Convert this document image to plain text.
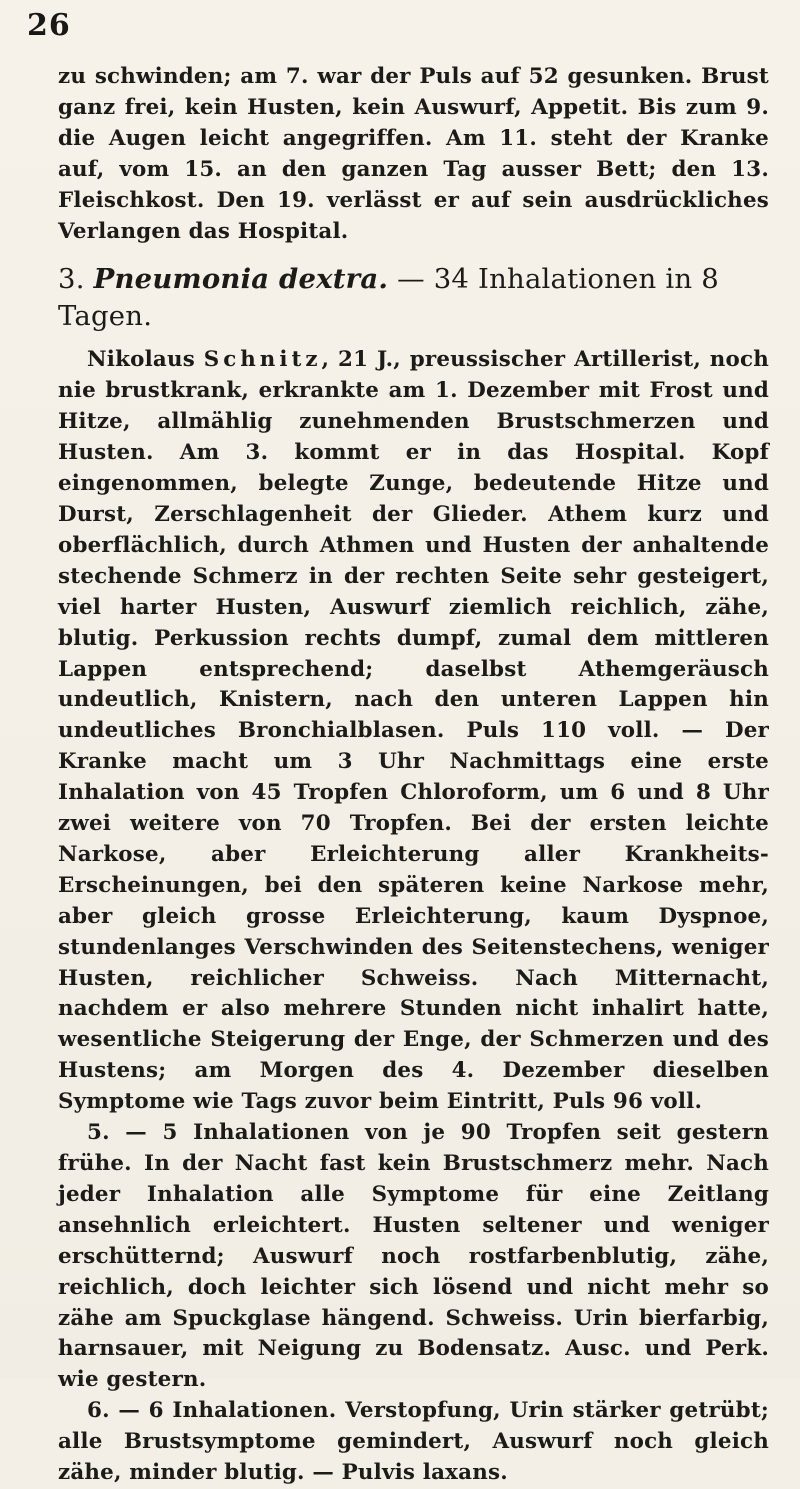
26

zu schwinden; am 7. war der Puls auf 52 gesunken. Brust ganz frei, kein Husten, kein Auswurf, Appetit. Bis zum 9. die Augen leicht angegriffen. Am 11. steht der Kranke auf, vom 15. an den ganzen Tag ausser Bett; den 13. Fleischkost. Den 19. verlässt er auf sein ausdrückliches Verlangen das Hospital.

3. Pneumonia dextra. — 34 Inhalationen in 8 Tagen.

Nikolaus Schnitz, 21 J., preussischer Artillerist, noch nie brustkrank, erkrankte am 1. Dezember mit Frost und Hitze, allmählig zunehmenden Brustschmerzen und Husten. Am 3. kommt er in das Hospital. Kopf eingenommen, belegte Zunge, bedeutende Hitze und Durst, Zerschlagenheit der Glieder. Athem kurz und oberflächlich, durch Athmen und Husten der anhaltende stechende Schmerz in der rechten Seite sehr gesteigert, viel harter Husten, Auswurf ziemlich reichlich, zähe, blutig. Perkussion rechts dumpf, zumal dem mittleren Lappen entsprechend; daselbst Athemgeräusch undeutlich, Knistern, nach den unteren Lappen hin undeutliches Bronchialblasen. Puls 110 voll. — Der Kranke macht um 3 Uhr Nachmittags eine erste Inhalation von 45 Tropfen Chloroform, um 6 und 8 Uhr zwei weitere von 70 Tropfen. Bei der ersten leichte Narkose, aber Erleichterung aller Krankheits-Erscheinungen, bei den späteren keine Narkose mehr, aber gleich grosse Erleichterung, kaum Dyspnoe, stundenlanges Verschwinden des Seitenstechens, weniger Husten, reichlicher Schweiss. Nach Mitternacht, nachdem er also mehrere Stunden nicht inhalirt hatte, wesentliche Steigerung der Enge, der Schmerzen und des Hustens; am Morgen des 4. Dezember dieselben Symptome wie Tags zuvor beim Eintritt, Puls 96 voll.

5. — 5 Inhalationen von je 90 Tropfen seit gestern frühe. In der Nacht fast kein Brustschmerz mehr. Nach jeder Inhalation alle Symptome für eine Zeitlang ansehnlich erleichtert. Husten seltener und weniger erschütternd; Auswurf noch rostfarbenblutig, zähe, reichlich, doch leichter sich lösend und nicht mehr so zähe am Spuckglase hängend. Schweiss. Urin bierfarbig, harnsauer, mit Neigung zu Bodensatz. Ausc. und Perk. wie gestern.

6. — 6 Inhalationen. Verstopfung, Urin stärker getrübt; alle Brustsymptome gemindert, Auswurf noch gleich zähe, minder blutig. — Pulvis laxans.
